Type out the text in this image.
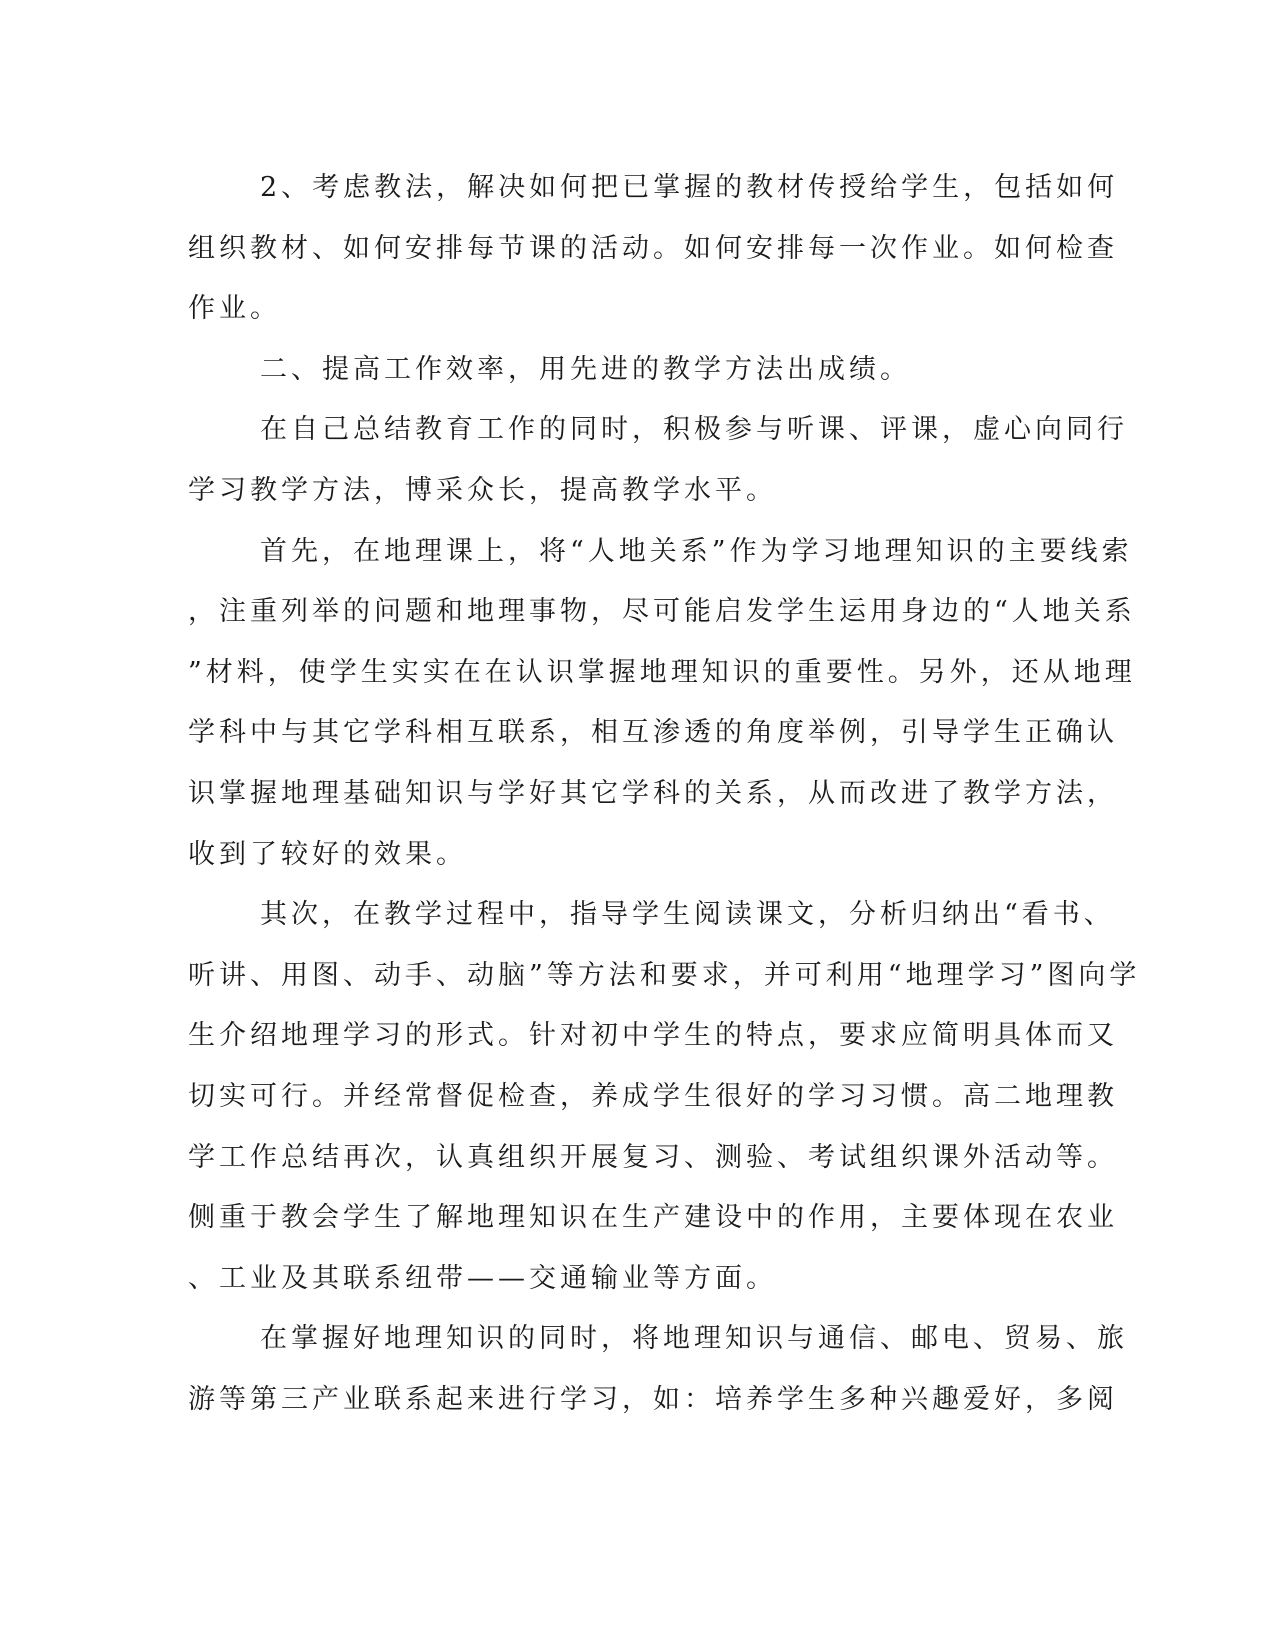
2、考虑教法，解决如何把已掌握的教材传授给学生，包括如何
组织教材、如何安排每节课的活动。如何安排每一次作业。如何检查
作业。
二、提高工作效率，用先进的教学方法出成绩。
在自己总结教育工作的同时，积极参与听课、评课，虚心向同行
学习教学方法，博采众长，提高教学水平。
首先，在地理课上，将“人地关系”作为学习地理知识的主要线索
，注重列举的问题和地理事物，尽可能启发学生运用身边的“人地关系
”材料，使学生实实在在认识掌握地理知识的重要性。另外，还从地理
学科中与其它学科相互联系，相互渗透的角度举例，引导学生正确认
识掌握地理基础知识与学好其它学科的关系，从而改进了教学方法，
收到了较好的效果。
其次，在教学过程中，指导学生阅读课文，分析归纳出“看书、
听讲、用图、动手、动脑”等方法和要求，并可利用“地理学习”图向学
生介绍地理学习的形式。针对初中学生的特点，要求应简明具体而又
切实可行。并经常督促检查，养成学生很好的学习习惯。高二地理教
学工作总结再次，认真组织开展复习、测验、考试组织课外活动等。
侧重于教会学生了解地理知识在生产建设中的作用，主要体现在农业
、工业及其联系纽带——交通输业等方面。
在掌握好地理知识的同时，将地理知识与通信、邮电、贸易、旅
游等第三产业联系起来进行学习，如：培养学生多种兴趣爱好，多阅
